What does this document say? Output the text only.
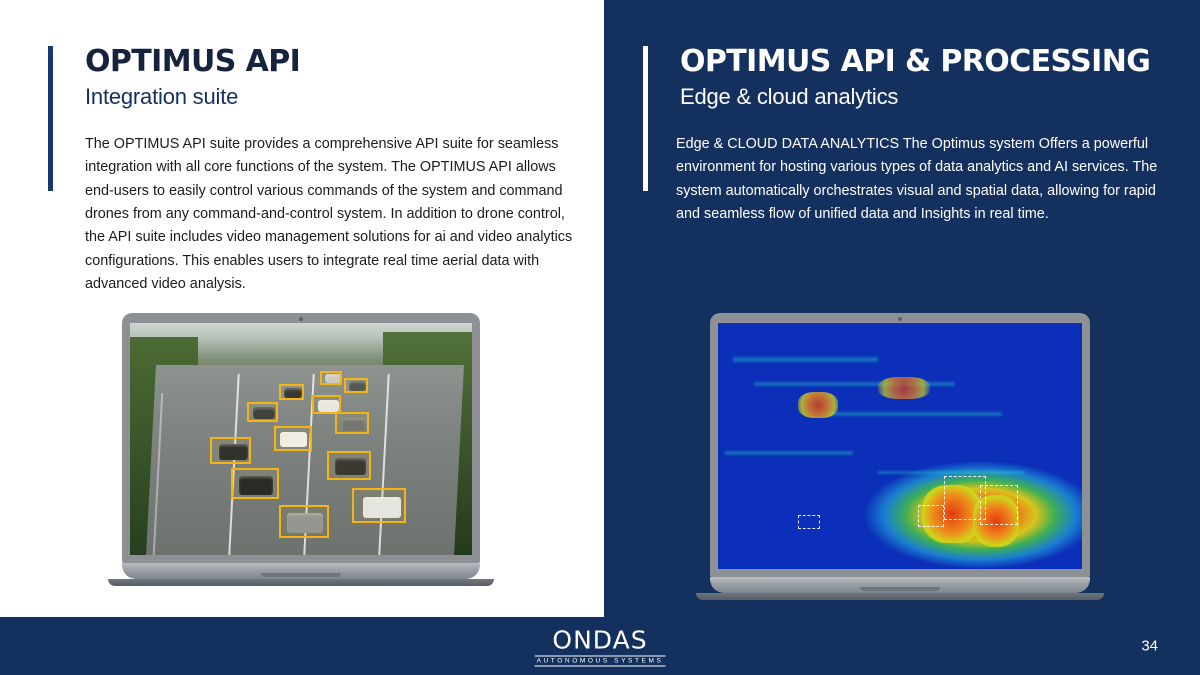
OPTIMUS API
Integration suite
The OPTIMUS API suite provides a comprehensive API suite for seamless integration with all core functions of the system. The OPTIMUS API allows end-users to easily control various commands of the system and command drones from any command-and-control system. In addition to drone control, the API suite includes video management solutions for ai and video analytics configurations. This enables users to integrate real time aerial data with advanced video analysis.
OPTIMUS API & PROCESSING
Edge & cloud analytics
Edge & CLOUD DATA ANALYTICS The Optimus system Offers a powerful environment for hosting various types of data analytics and AI services. The system automatically orchestrates visual and spatial data, allowing for rapid and seamless flow of unified data and Insights in real time.
ONDAS
AUTONOMOUS SYSTEMS
34
